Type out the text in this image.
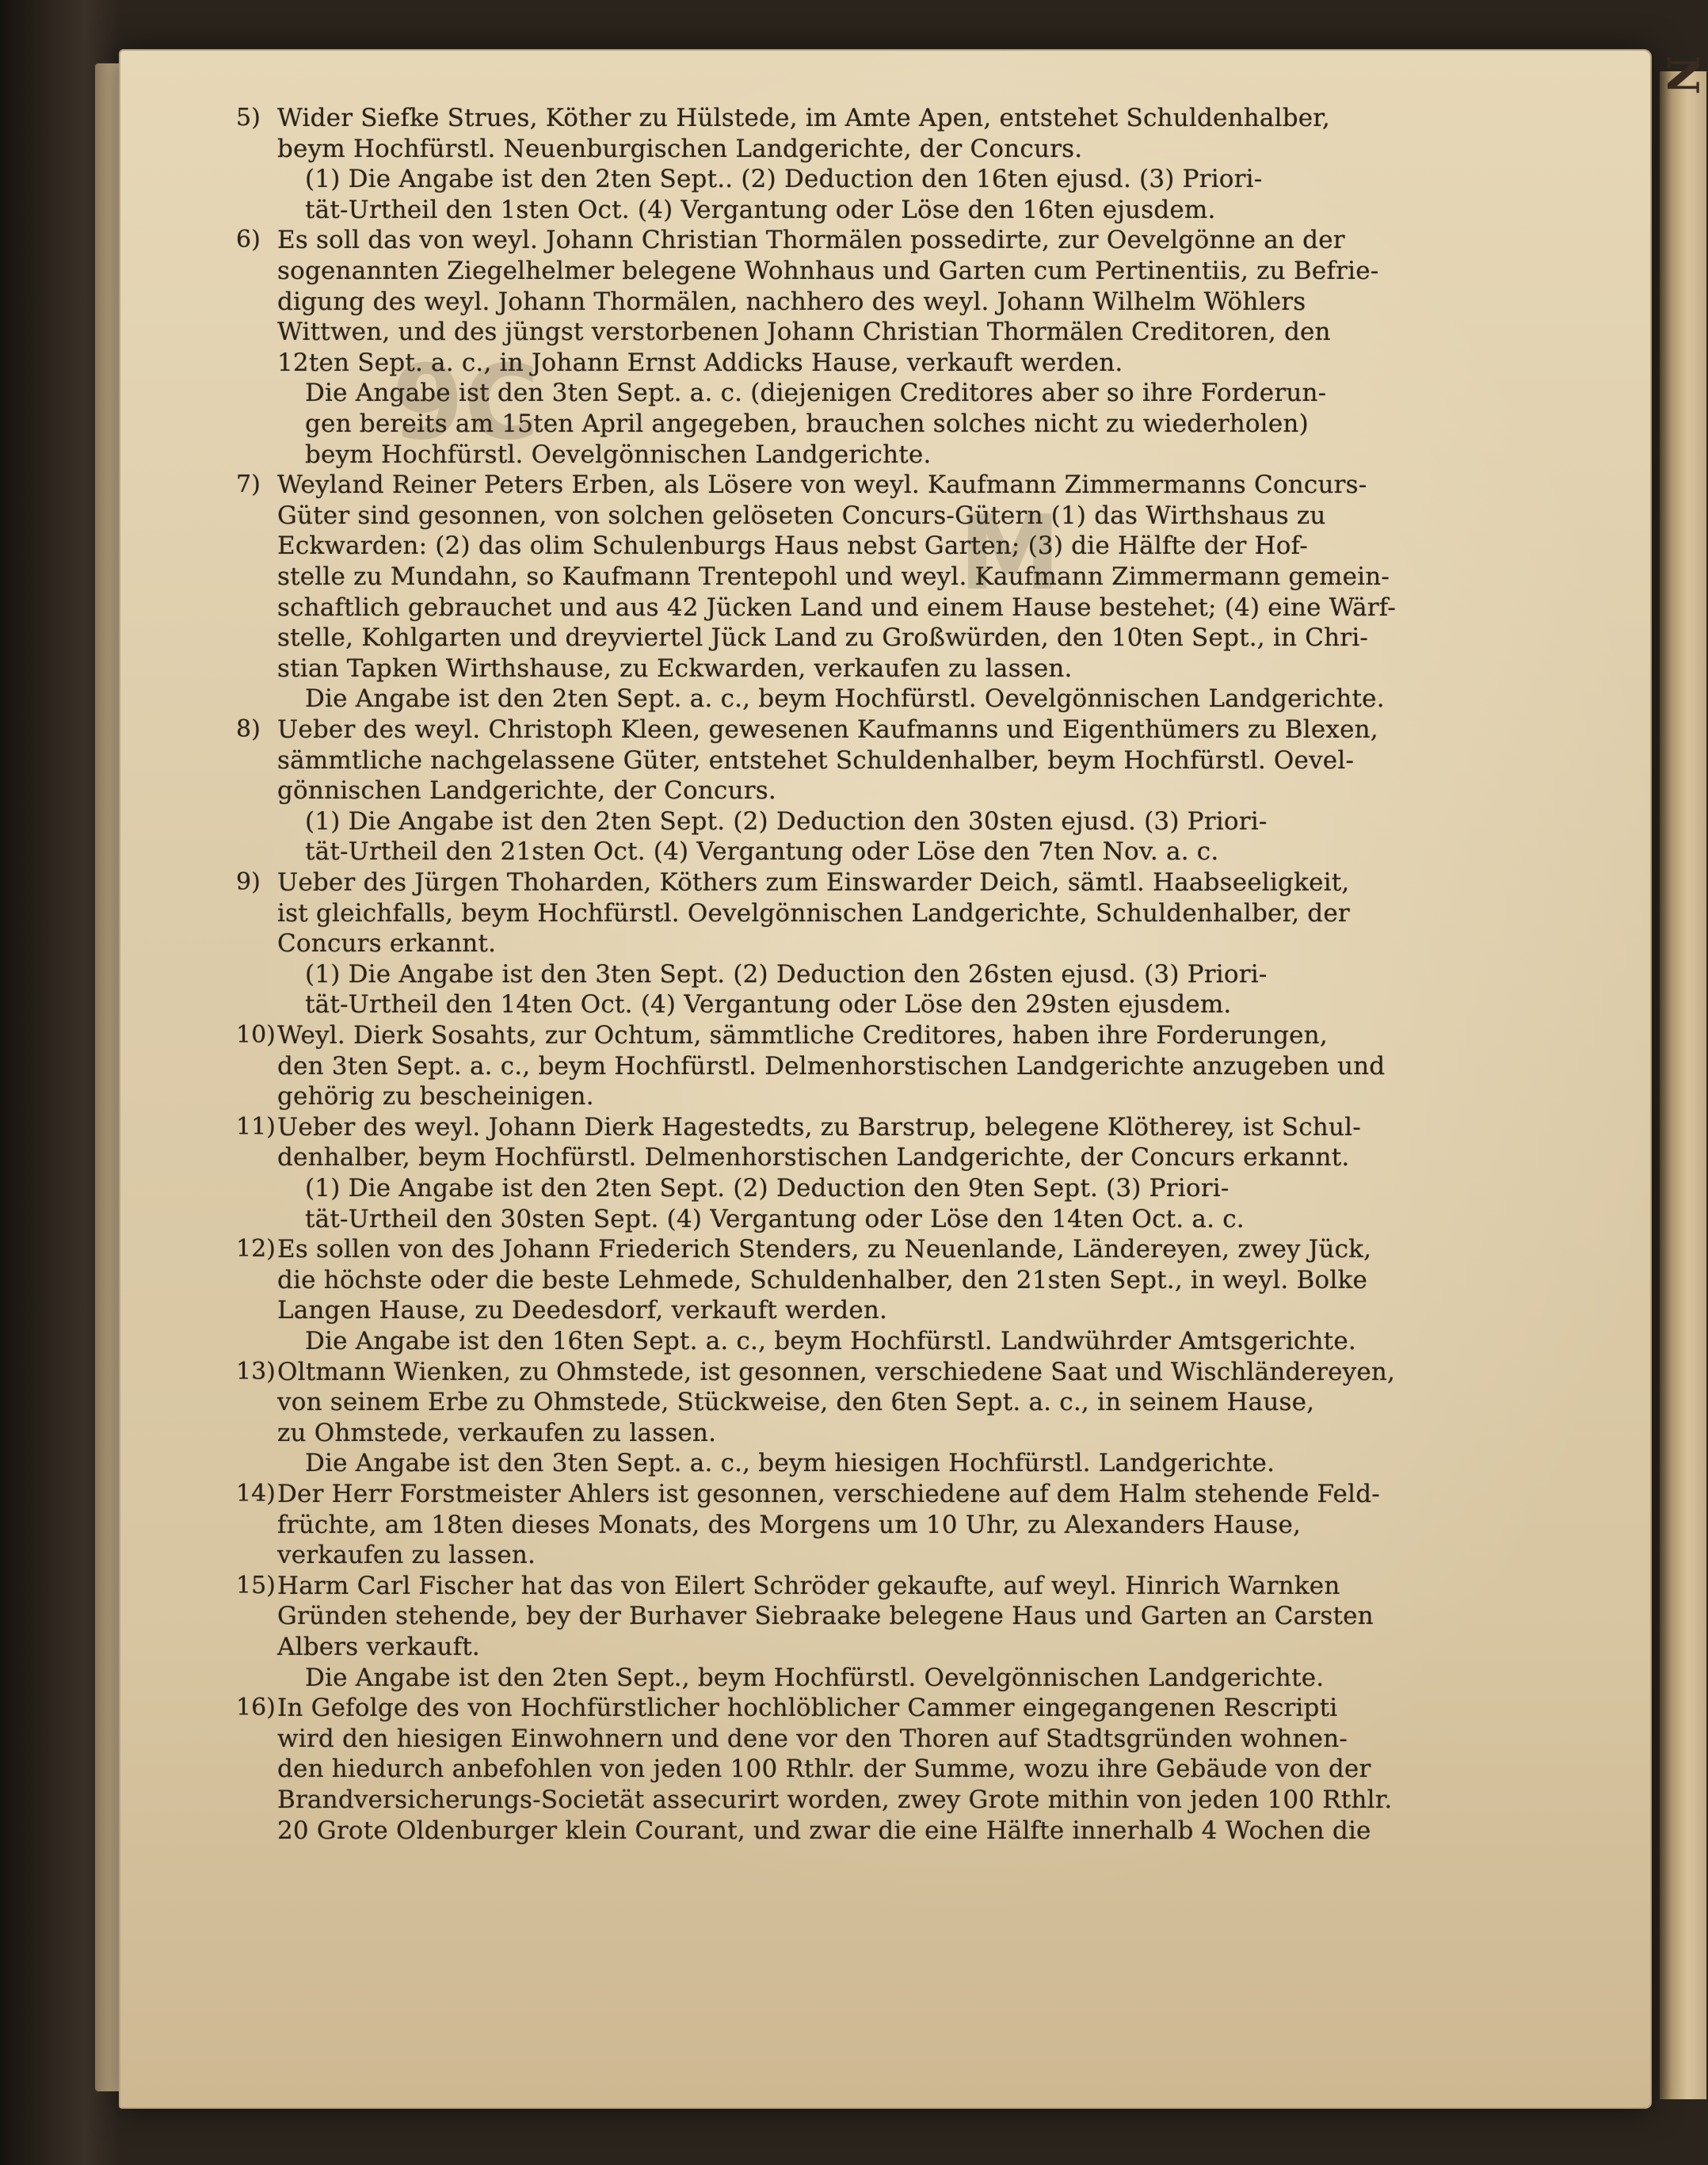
N
9C
M
5) Wider Siefke Strues, Köther zu Hülstede, im Amte Apen, entstehet Schuldenhalber,
beym Hochfürstl. Neuenburgischen Landgerichte, der Concurs.
(1) Die Angabe ist den 2ten Sept.. (2) Deduction den 16ten ejusd. (3) Priori-
tät-Urtheil den 1sten Oct. (4) Vergantung oder Löse den 16ten ejusdem.
6) Es soll das von weyl. Johann Christian Thormälen possedirte, zur Oevelgönne an der
sogenannten Ziegelhelmer belegene Wohnhaus und Garten cum Pertinentiis, zu Befrie-
digung des weyl. Johann Thormälen, nachhero des weyl. Johann Wilhelm Wöhlers
Wittwen, und des jüngst verstorbenen Johann Christian Thormälen Creditoren, den
12ten Sept. a. c., in Johann Ernst Addicks Hause, verkauft werden.
Die Angabe ist den 3ten Sept. a. c. (diejenigen Creditores aber so ihre Forderun-
gen bereits am 15ten April angegeben, brauchen solches nicht zu wiederholen)
beym Hochfürstl. Oevelgönnischen Landgerichte.
7) Weyland Reiner Peters Erben, als Lösere von weyl. Kaufmann Zimmermanns Concurs-
Güter sind gesonnen, von solchen gelöseten Concurs-Gütern (1) das Wirthshaus zu
Eckwarden: (2) das olim Schulenburgs Haus nebst Garten; (3) die Hälfte der Hof-
stelle zu Mundahn, so Kaufmann Trentepohl und weyl. Kaufmann Zimmermann gemein-
schaftlich gebrauchet und aus 42 Jücken Land und einem Hause bestehet; (4) eine Wärf-
stelle, Kohlgarten und dreyviertel Jück Land zu Großwürden, den 10ten Sept., in Chri-
stian Tapken Wirthshause, zu Eckwarden, verkaufen zu lassen.
Die Angabe ist den 2ten Sept. a. c., beym Hochfürstl. Oevelgönnischen Landgerichte.
8) Ueber des weyl. Christoph Kleen, gewesenen Kaufmanns und Eigenthümers zu Blexen,
sämmtliche nachgelassene Güter, entstehet Schuldenhalber, beym Hochfürstl. Oevel-
gönnischen Landgerichte, der Concurs.
(1) Die Angabe ist den 2ten Sept. (2) Deduction den 30sten ejusd. (3) Priori-
tät-Urtheil den 21sten Oct. (4) Vergantung oder Löse den 7ten Nov. a. c.
9) Ueber des Jürgen Thoharden, Köthers zum Einswarder Deich, sämtl. Haabseeligkeit,
ist gleichfalls, beym Hochfürstl. Oevelgönnischen Landgerichte, Schuldenhalber, der
Concurs erkannt.
(1) Die Angabe ist den 3ten Sept. (2) Deduction den 26sten ejusd. (3) Priori-
tät-Urtheil den 14ten Oct. (4) Vergantung oder Löse den 29sten ejusdem.
10) Weyl. Dierk Sosahts, zur Ochtum, sämmtliche Creditores, haben ihre Forderungen,
den 3ten Sept. a. c., beym Hochfürstl. Delmenhorstischen Landgerichte anzugeben und
gehörig zu bescheinigen.
11) Ueber des weyl. Johann Dierk Hagestedts, zu Barstrup, belegene Klötherey, ist Schul-
denhalber, beym Hochfürstl. Delmenhorstischen Landgerichte, der Concurs erkannt.
(1) Die Angabe ist den 2ten Sept. (2) Deduction den 9ten Sept. (3) Priori-
tät-Urtheil den 30sten Sept. (4) Vergantung oder Löse den 14ten Oct. a. c.
12) Es sollen von des Johann Friederich Stenders, zu Neuenlande, Ländereyen, zwey Jück,
die höchste oder die beste Lehmede, Schuldenhalber, den 21sten Sept., in weyl. Bolke
Langen Hause, zu Deedesdorf, verkauft werden.
Die Angabe ist den 16ten Sept. a. c., beym Hochfürstl. Landwührder Amtsgerichte.
13) Oltmann Wienken, zu Ohmstede, ist gesonnen, verschiedene Saat und Wischländereyen,
von seinem Erbe zu Ohmstede, Stückweise, den 6ten Sept. a. c., in seinem Hause,
zu Ohmstede, verkaufen zu lassen.
Die Angabe ist den 3ten Sept. a. c., beym hiesigen Hochfürstl. Landgerichte.
14) Der Herr Forstmeister Ahlers ist gesonnen, verschiedene auf dem Halm stehende Feld-
früchte, am 18ten dieses Monats, des Morgens um 10 Uhr, zu Alexanders Hause,
verkaufen zu lassen.
15) Harm Carl Fischer hat das von Eilert Schröder gekaufte, auf weyl. Hinrich Warnken
Gründen stehende, bey der Burhaver Siebraake belegene Haus und Garten an Carsten
Albers verkauft.
Die Angabe ist den 2ten Sept., beym Hochfürstl. Oevelgönnischen Landgerichte.
16) In Gefolge des von Hochfürstlicher hochlöblicher Cammer eingegangenen Rescripti
wird den hiesigen Einwohnern und dene vor den Thoren auf Stadtsgründen wohnen-
den hiedurch anbefohlen von jeden 100 Rthlr. der Summe, wozu ihre Gebäude von der
Brandversicherungs-Societät assecurirt worden, zwey Grote mithin von jeden 100 Rthlr.
20 Grote Oldenburger klein Courant, und zwar die eine Hälfte innerhalb 4 Wochen die
